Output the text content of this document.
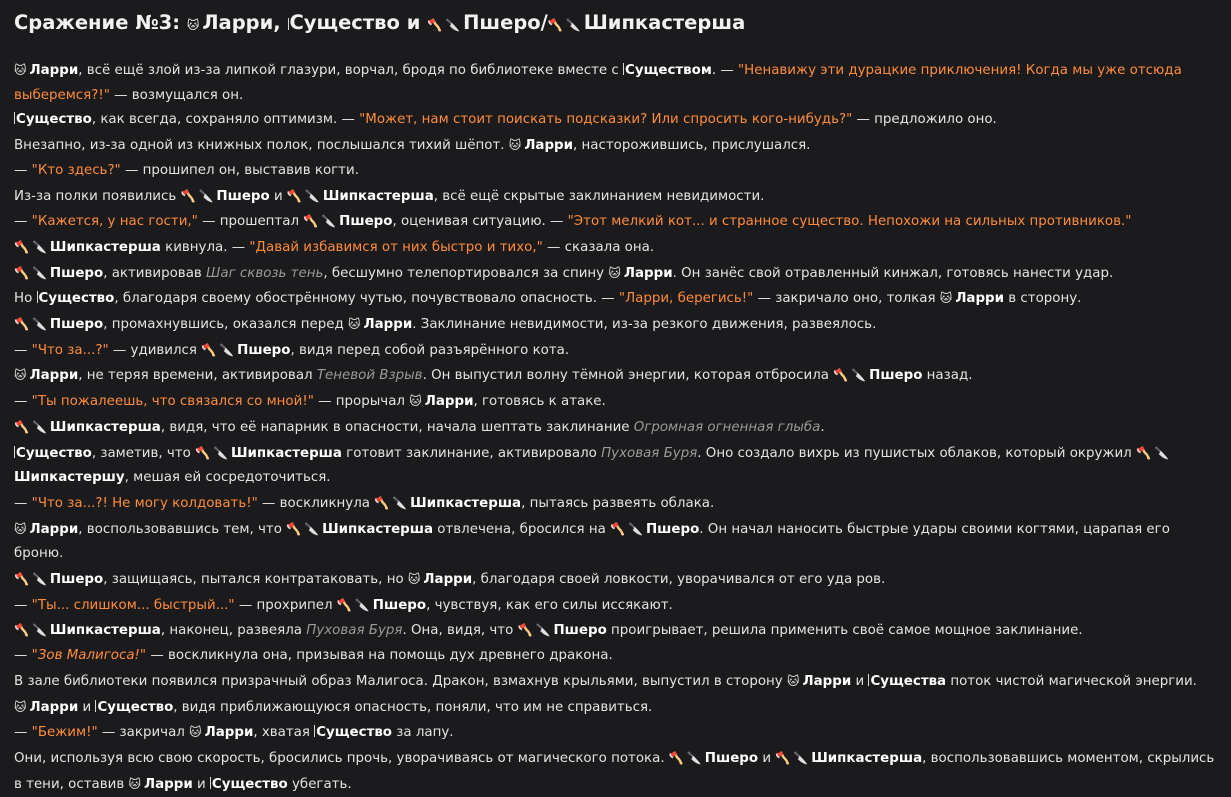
Сражение №3: 🐱 Ларри, Существо и 🪓 🔪 Пшеро/🪓 🔪 Шипкастерша
🐱 Ларри, всё ещё злой из-за липкой глазури, ворчал, бродя по библиотеке вместе с Существом. — "Ненавижу эти дурацкие приключения! Когда мы уже отсюда выберемся?!" — возмущался он.
Существо, как всегда, сохраняло оптимизм. — "Может, нам стоит поискать подсказки? Или спросить кого-нибудь?" — предложило оно.
Внезапно, из-за одной из книжных полок, послышался тихий шёпот. 🐱 Ларри, насторожившись, прислушался.
— "Кто здесь?" — прошипел он, выставив когти.
Из-за полки появились 🪓 🔪 Пшеро и 🪓 🔪 Шипкастерша, всё ещё скрытые заклинанием невидимости.
— "Кажется, у нас гости," — прошептал 🪓 🔪 Пшеро, оценивая ситуацию. — "Этот мелкий кот... и странное существо. Непохожи на сильных противников."
🪓 🔪 Шипкастерша кивнула. — "Давай избавимся от них быстро и тихо," — сказала она.
🪓 🔪 Пшеро, активировав Шаг сквозь тень, бесшумно телепортировался за спину 🐱 Ларри. Он занёс свой отравленный кинжал, готовясь нанести удар.
Но Существо, благодаря своему обострённому чутью, почувствовало опасность. — "Ларри, берегись!" — закричало оно, толкая 🐱 Ларри в сторону.
🪓 🔪 Пшеро, промахнувшись, оказался перед 🐱 Ларри. Заклинание невидимости, из-за резкого движения, развеялось.
— "Что за...?" — удивился 🪓 🔪 Пшеро, видя перед собой разъярённого кота.
🐱 Ларри, не теряя времени, активировал Теневой Взрыв. Он выпустил волну тёмной энергии, которая отбросила 🪓 🔪 Пшеро назад.
— "Ты пожалеешь, что связался со мной!" — прорычал 🐱 Ларри, готовясь к атаке.
🪓 🔪 Шипкастерша, видя, что её напарник в опасности, начала шептать заклинание Огромная огненная глыба.
Существо, заметив, что 🪓 🔪 Шипкастерша готовит заклинание, активировало Пуховая Буря. Оно создало вихрь из пушистых облаков, который окружил 🪓 🔪Шипкастершу, мешая ей сосредоточиться.
— "Что за...?! Не могу колдовать!" — воскликнула 🪓 🔪 Шипкастерша, пытаясь развеять облака.
🐱 Ларри, воспользовавшись тем, что 🪓 🔪 Шипкастерша отвлечена, бросился на 🪓 🔪 Пшеро. Он начал наносить быстрые удары своими когтями, царапая его броню.
🪓 🔪 Пшеро, защищаясь, пытался контратаковать, но 🐱 Ларри, благодаря своей ловкости, уворачивался от его уда ров.
— "Ты... слишком... быстрый..." — прохрипел 🪓 🔪 Пшеро, чувствуя, как его силы иссякают.
🪓 🔪 Шипкастерша, наконец, развеяла Пуховая Буря. Она, видя, что 🪓 🔪 Пшеро проигрывает, решила применить своё самое мощное заклинание.
— "Зов Малигоса!" — воскликнула она, призывая на помощь дух древнего дракона.
В зале библиотеки появился призрачный образ Малигоса. Дракон, взмахнув крыльями, выпустил в сторону 🐱 Ларри и Существа поток чистой магической энергии.
🐱 Ларри и Существо, видя приближающуюся опасность, поняли, что им не справиться.
— "Бежим!" — закричал 🐱 Ларри, хватая Существо за лапу.
Они, используя всю свою скорость, бросились прочь, уворачиваясь от магического потока. 🪓 🔪 Пшеро и 🪓 🔪 Шипкастерша, воспользовавшись моментом, скрылись в тени, оставив 🐱 Ларри и Существо убегать.
